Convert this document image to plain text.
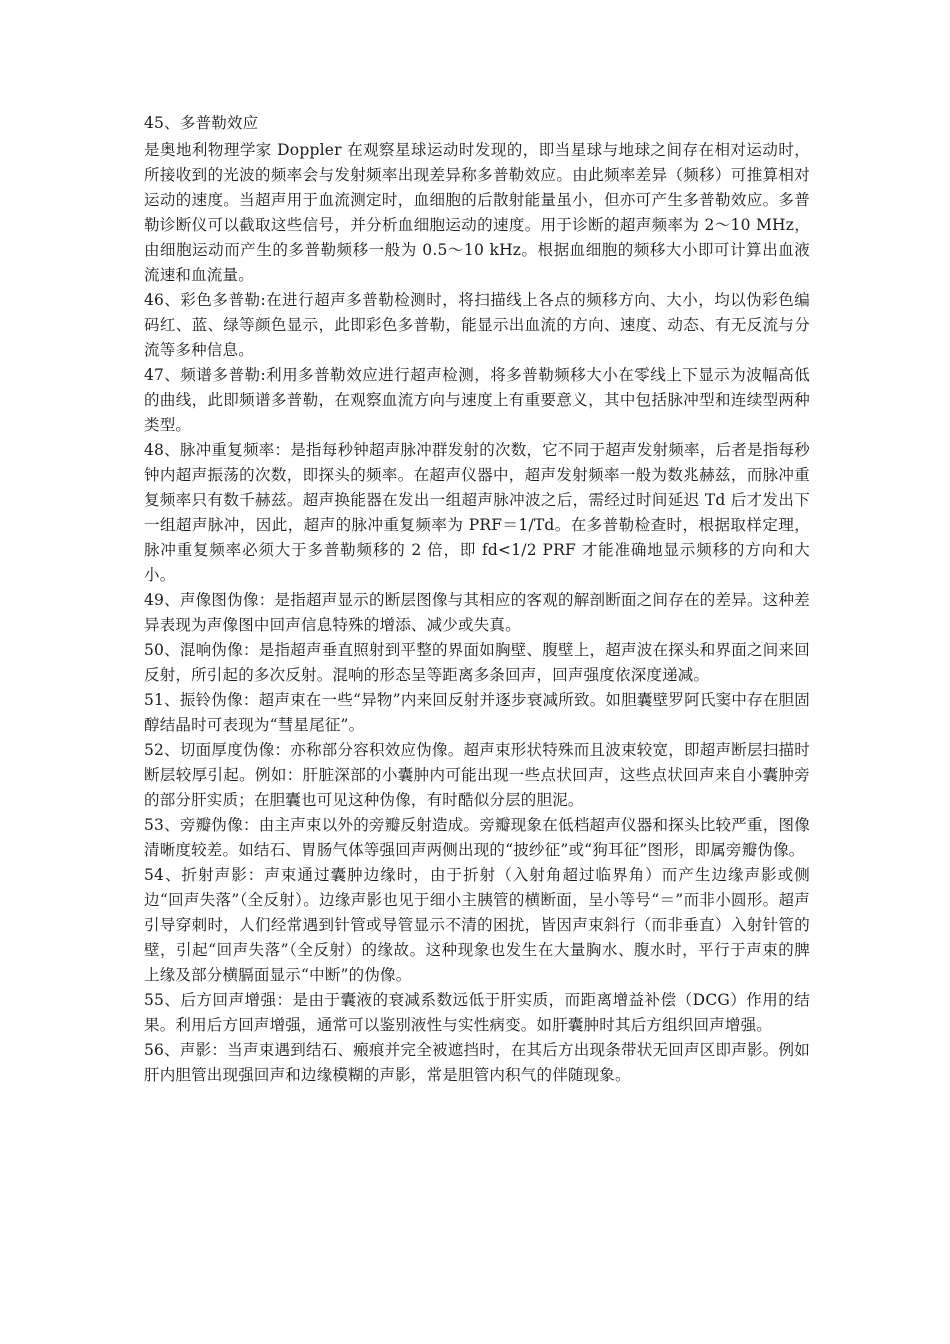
45、多普勒效应

是奥地利物理学家 Doppler 在观察星球运动时发现的，即当星球与地球之间存在相对运动时，所接收到的光波的频率会与发射频率出现差异称多普勒效应。由此频率差异（频移）可推算相对运动的速度。当超声用于血流测定时，血细胞的后散射能量虽小，但亦可产生多普勒效应。多普勒诊断仪可以截取这些信号，并分析血细胞运动的速度。用于诊断的超声频率为 2～10 MHz，由细胞运动而产生的多普勒频移一般为 0.5～10 kHz。根据血细胞的频移大小即可计算出血液流速和血流量。

46、彩色多普勒:在进行超声多普勒检测时，将扫描线上各点的频移方向、大小，均以伪彩色编码红、蓝、绿等颜色显示，此即彩色多普勒，能显示出血流的方向、速度、动态、有无反流与分流等多种信息。

47、频谱多普勒:利用多普勒效应进行超声检测，将多普勒频移大小在零线上下显示为波幅高低的曲线，此即频谱多普勒，在观察血流方向与速度上有重要意义，其中包括脉冲型和连续型两种类型。

48、脉冲重复频率：是指每秒钟超声脉冲群发射的次数，它不同于超声发射频率，后者是指每秒钟内超声振荡的次数，即探头的频率。在超声仪器中，超声发射频率一般为数兆赫兹，而脉冲重复频率只有数千赫兹。超声换能器在发出一组超声脉冲波之后，需经过时间延迟 Td 后才发出下一组超声脉冲，因此，超声的脉冲重复频率为 PRF＝1/Td。在多普勒检查时，根据取样定理，脉冲重复频率必须大于多普勒频移的 2 倍，即 fd<1/2 PRF 才能准确地显示频移的方向和大小。

49、声像图伪像：是指超声显示的断层图像与其相应的客观的解剖断面之间存在的差异。这种差异表现为声像图中回声信息特殊的增添、减少或失真。

50、混响伪像：是指超声垂直照射到平整的界面如胸壁、腹壁上，超声波在探头和界面之间来回反射，所引起的多次反射。混响的形态呈等距离多条回声，回声强度依深度递减。

51、振铃伪像：超声束在一些“异物”内来回反射并逐步衰减所致。如胆囊壁罗阿氏窦中存在胆固醇结晶时可表现为“彗星尾征”。

52、切面厚度伪像：亦称部分容积效应伪像。超声束形状特殊而且波束较宽，即超声断层扫描时断层较厚引起。例如：肝脏深部的小囊肿内可能出现一些点状回声，这些点状回声来自小囊肿旁的部分肝实质；在胆囊也可见这种伪像，有时酷似分层的胆泥。

53、旁瓣伪像：由主声束以外的旁瓣反射造成。旁瓣现象在低档超声仪器和探头比较严重，图像清晰度较差。如结石、胃肠气体等强回声两侧出现的“披纱征”或“狗耳征”图形，即属旁瓣伪像。

54、折射声影：声束通过囊肿边缘时，由于折射（入射角超过临界角）而产生边缘声影或侧边“回声失落”（全反射）。边缘声影也见于细小主胰管的横断面，呈小等号“＝”而非小圆形。超声引导穿刺时，人们经常遇到针管或导管显示不清的困扰，皆因声束斜行（而非垂直）入射针管的壁，引起“回声失落”（全反射）的缘故。这种现象也发生在大量胸水、腹水时，平行于声束的脾上缘及部分横膈面显示“中断”的伪像。

55、后方回声增强：是由于囊液的衰减系数远低于肝实质，而距离增益补偿（DCG）作用的结果。利用后方回声增强，通常可以鉴别液性与实性病变。如肝囊肿时其后方组织回声增强。

56、声影：当声束遇到结石、瘢痕并完全被遮挡时，在其后方出现条带状无回声区即声影。例如肝内胆管出现强回声和边缘模糊的声影，常是胆管内积气的伴随现象。
